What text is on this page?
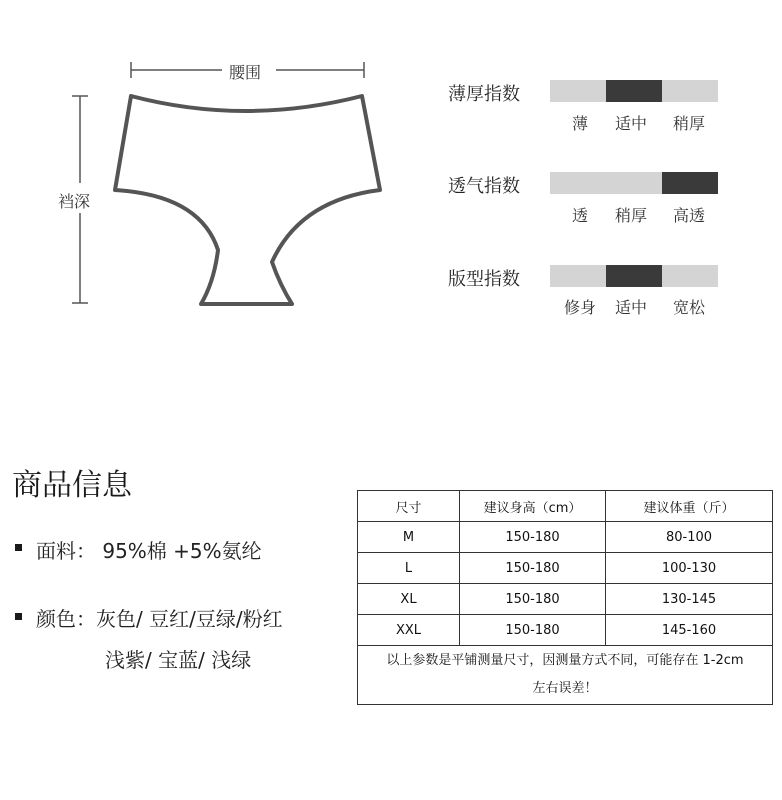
腰围
裆深
薄厚指数
薄	适中	稍厚
透气指数
透	稍厚	高透
版型指数
修身	适中	宽松
商品信息
面料： 95%棉 +5%氨纶
颜色：灰色/ 豆红/豆绿/粉红
浅紫/ 宝蓝/ 浅绿
尺寸	建议身高（cm）	建议体重（斤）
M	150-180	80-100
L	150-180	100-130
XL	150-180	130-145
XXL	150-180	145-160
以上参数是平铺测量尺寸，因测量方式不同，可能存在 1-2cm
左右误差！		
